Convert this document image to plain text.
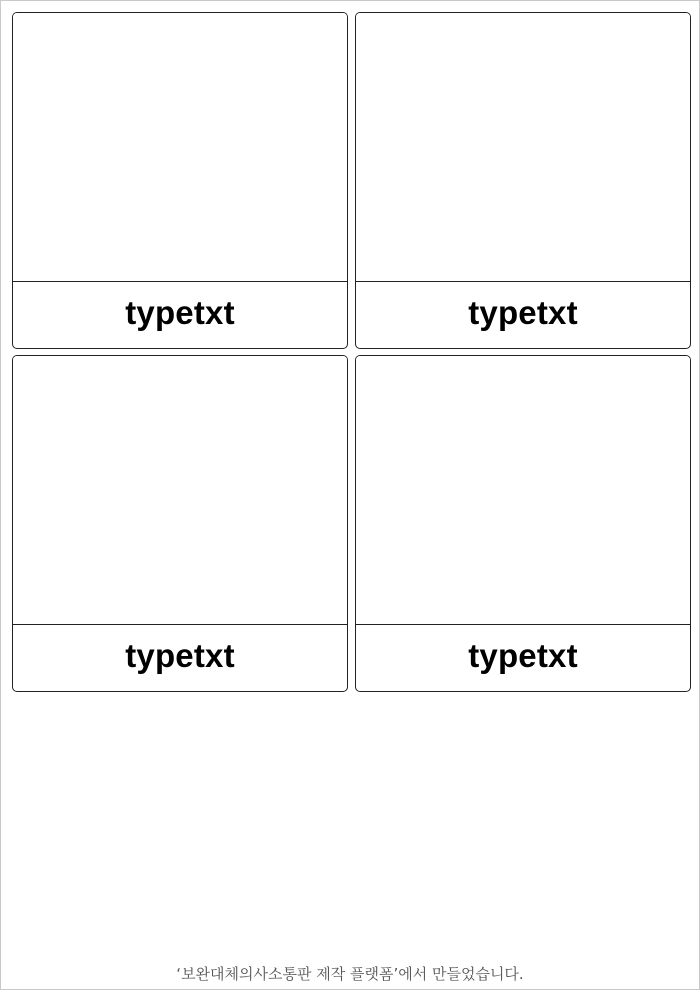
typetxt	typetxt
typetxt	typetxt
‘보완대체의사소통판 제작 플랫폼’에서 만들었습니다.
